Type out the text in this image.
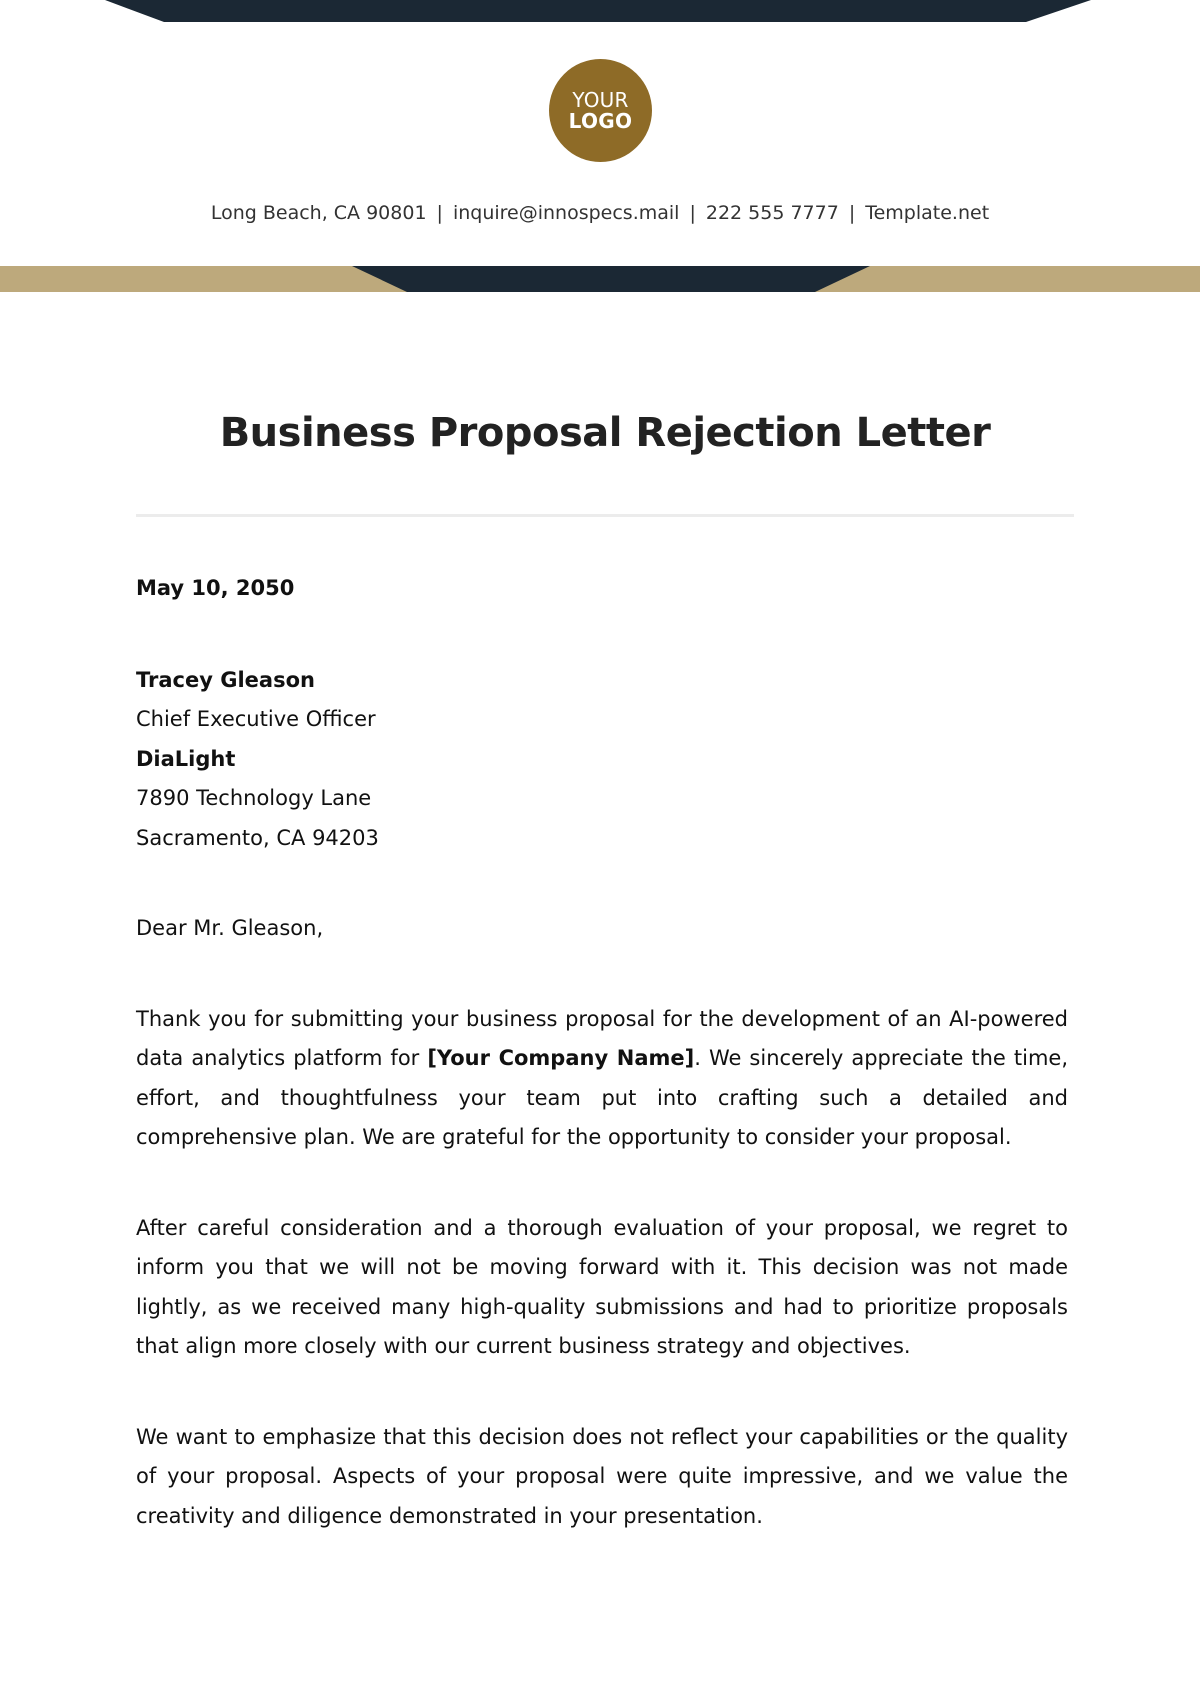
YOUR
LOGO
Long Beach, CA 90801 | inquire@innospecs.mail | 222 555 7777 | Template.net
Business Proposal Rejection Letter
May 10, 2050
Tracey Gleason
Chief Executive Officer
DiaLight
7890 Technology Lane
Sacramento, CA 94203
Dear Mr. Gleason,

Thank you for submitting your business proposal for the development of an AI-powered data analytics platform for [Your Company Name]. We sincerely appreciate the time, effort, and thoughtfulness your team put into crafting such a detailed and comprehensive plan. We are grateful for the opportunity to consider your proposal.

After careful consideration and a thorough evaluation of your proposal, we regret to inform you that we will not be moving forward with it. This decision was not made lightly, as we received many high-quality submissions and had to prioritize proposals that align more closely with our current business strategy and objectives.

We want to emphasize that this decision does not reflect your capabilities or the quality of your proposal. Aspects of your proposal were quite impressive, and we value the creativity and diligence demonstrated in your presentation.
